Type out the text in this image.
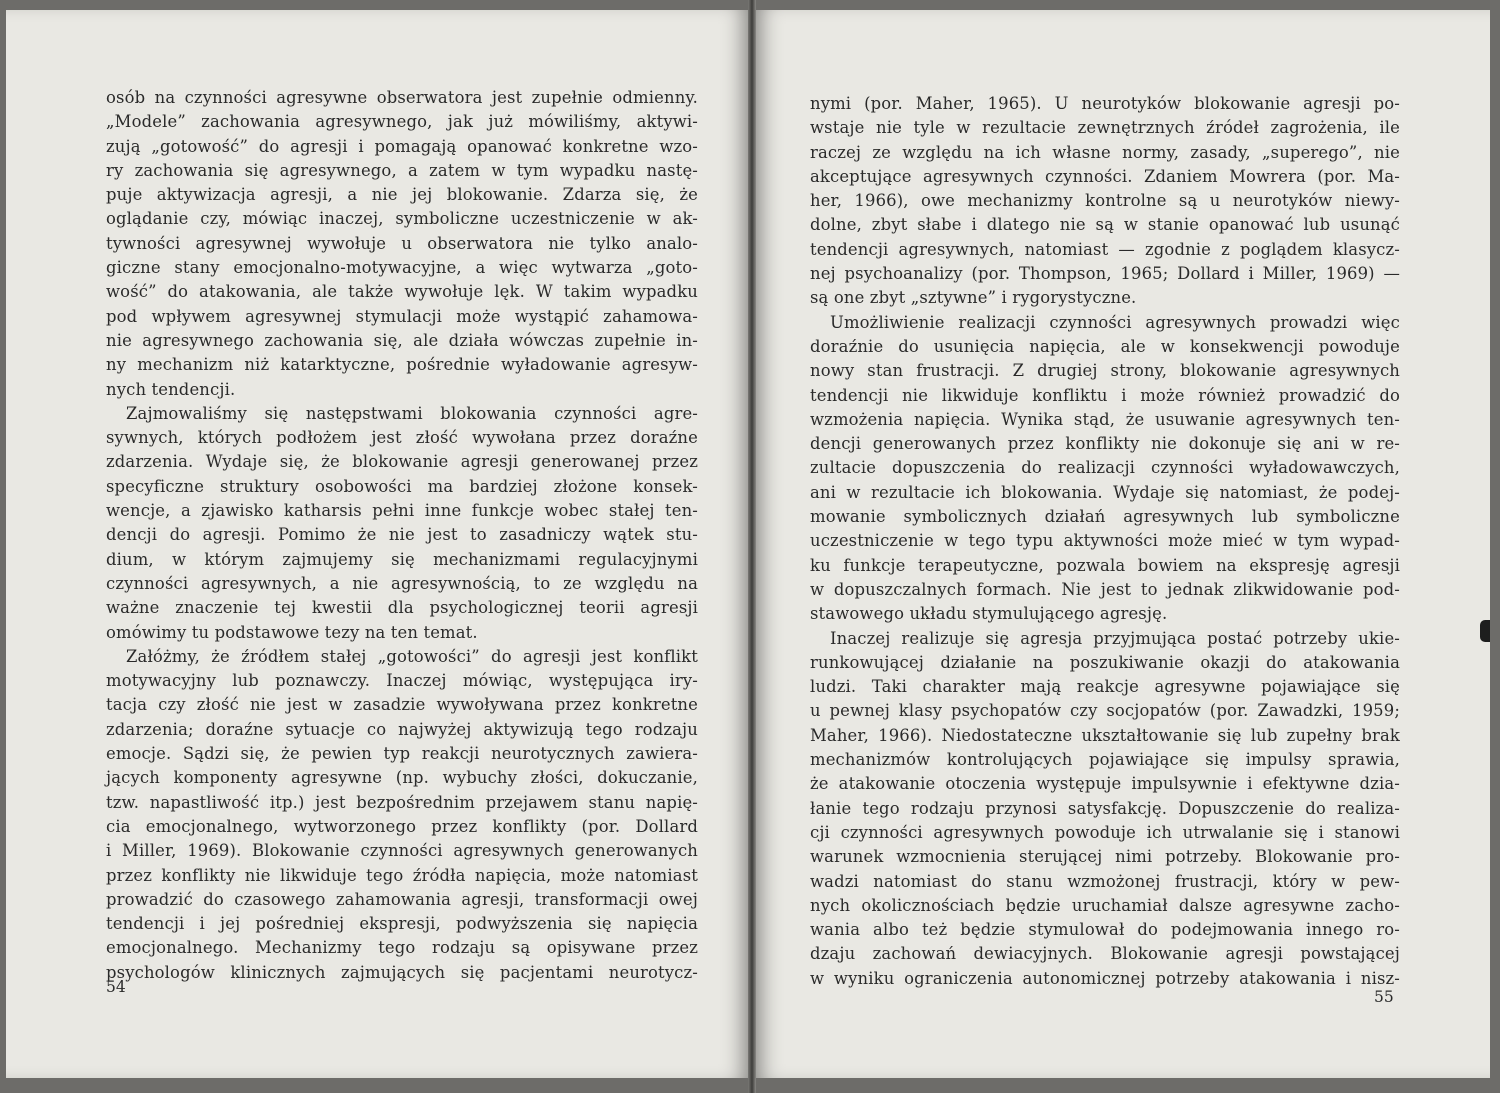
osób na czynności agresywne obserwatora jest zupełnie odmienny.
„Modele” zachowania agresywnego, jak już mówiliśmy, aktywi-
zują „gotowość” do agresji i pomagają opanować konkretne wzo-
ry zachowania się agresywnego, a zatem w tym wypadku nastę-
puje aktywizacja agresji, a nie jej blokowanie. Zdarza się, że
oglądanie czy, mówiąc inaczej, symboliczne uczestniczenie w ak-
tywności agresywnej wywołuje u obserwatora nie tylko analo-
giczne stany emocjonalno-motywacyjne, a więc wytwarza „goto-
wość” do atakowania, ale także wywołuje lęk. W takim wypadku
pod wpływem agresywnej stymulacji może wystąpić zahamowa-
nie agresywnego zachowania się, ale działa wówczas zupełnie in-
ny mechanizm niż katarktyczne, pośrednie wyładowanie agresyw-
nych tendencji.
Zajmowaliśmy się następstwami blokowania czynności agre-
sywnych, których podłożem jest złość wywołana przez doraźne
zdarzenia. Wydaje się, że blokowanie agresji generowanej przez
specyficzne struktury osobowości ma bardziej złożone konsek-
wencje, a zjawisko katharsis pełni inne funkcje wobec stałej ten-
dencji do agresji. Pomimo że nie jest to zasadniczy wątek stu-
dium, w którym zajmujemy się mechanizmami regulacyjnymi
czynności agresywnych, a nie agresywnością, to ze względu na
ważne znaczenie tej kwestii dla psychologicznej teorii agresji
omówimy tu podstawowe tezy na ten temat.
Załóżmy, że źródłem stałej „gotowości” do agresji jest konflikt
motywacyjny lub poznawczy. Inaczej mówiąc, występująca iry-
tacja czy złość nie jest w zasadzie wywoływana przez konkretne
zdarzenia; doraźne sytuacje co najwyżej aktywizują tego rodzaju
emocje. Sądzi się, że pewien typ reakcji neurotycznych zawiera-
jących komponenty agresywne (np. wybuchy złości, dokuczanie,
tzw. napastliwość itp.) jest bezpośrednim przejawem stanu napię-
cia emocjonalnego, wytworzonego przez konflikty (por. Dollard
i Miller, 1969). Blokowanie czynności agresywnych generowanych
przez konflikty nie likwiduje tego źródła napięcia, może natomiast
prowadzić do czasowego zahamowania agresji, transformacji owej
tendencji i jej pośredniej ekspresji, podwyższenia się napięcia
emocjonalnego. Mechanizmy tego rodzaju są opisywane przez
psychologów klinicznych zajmujących się pacjentami neurotycz-
54
nymi (por. Maher, 1965). U neurotyków blokowanie agresji po-
wstaje nie tyle w rezultacie zewnętrznych źródeł zagrożenia, ile
raczej ze względu na ich własne normy, zasady, „superego”, nie
akceptujące agresywnych czynności. Zdaniem Mowrera (por. Ma-
her, 1966), owe mechanizmy kontrolne są u neurotyków niewy-
dolne, zbyt słabe i dlatego nie są w stanie opanować lub usunąć
tendencji agresywnych, natomiast — zgodnie z poglądem klasycz-
nej psychoanalizy (por. Thompson, 1965; Dollard i Miller, 1969) —
są one zbyt „sztywne” i rygorystyczne.
Umożliwienie realizacji czynności agresywnych prowadzi więc
doraźnie do usunięcia napięcia, ale w konsekwencji powoduje
nowy stan frustracji. Z drugiej strony, blokowanie agresywnych
tendencji nie likwiduje konfliktu i może również prowadzić do
wzmożenia napięcia. Wynika stąd, że usuwanie agresywnych ten-
dencji generowanych przez konflikty nie dokonuje się ani w re-
zultacie dopuszczenia do realizacji czynności wyładowawczych,
ani w rezultacie ich blokowania. Wydaje się natomiast, że podej-
mowanie symbolicznych działań agresywnych lub symboliczne
uczestniczenie w tego typu aktywności może mieć w tym wypad-
ku funkcje terapeutyczne, pozwala bowiem na ekspresję agresji
w dopuszczalnych formach. Nie jest to jednak zlikwidowanie pod-
stawowego układu stymulującego agresję.
Inaczej realizuje się agresja przyjmująca postać potrzeby ukie-
runkowującej działanie na poszukiwanie okazji do atakowania
ludzi. Taki charakter mają reakcje agresywne pojawiające się
u pewnej klasy psychopatów czy socjopatów (por. Zawadzki, 1959;
Maher, 1966). Niedostateczne ukształtowanie się lub zupełny brak
mechanizmów kontrolujących pojawiające się impulsy sprawia,
że atakowanie otoczenia występuje impulsywnie i efektywne dzia-
łanie tego rodzaju przynosi satysfakcję. Dopuszczenie do realiza-
cji czynności agresywnych powoduje ich utrwalanie się i stanowi
warunek wzmocnienia sterującej nimi potrzeby. Blokowanie pro-
wadzi natomiast do stanu wzmożonej frustracji, który w pew-
nych okolicznościach będzie uruchamiał dalsze agresywne zacho-
wania albo też będzie stymulował do podejmowania innego ro-
dzaju zachowań dewiacyjnych. Blokowanie agresji powstającej
w wyniku ograniczenia autonomicznej potrzeby atakowania i nisz-
55
